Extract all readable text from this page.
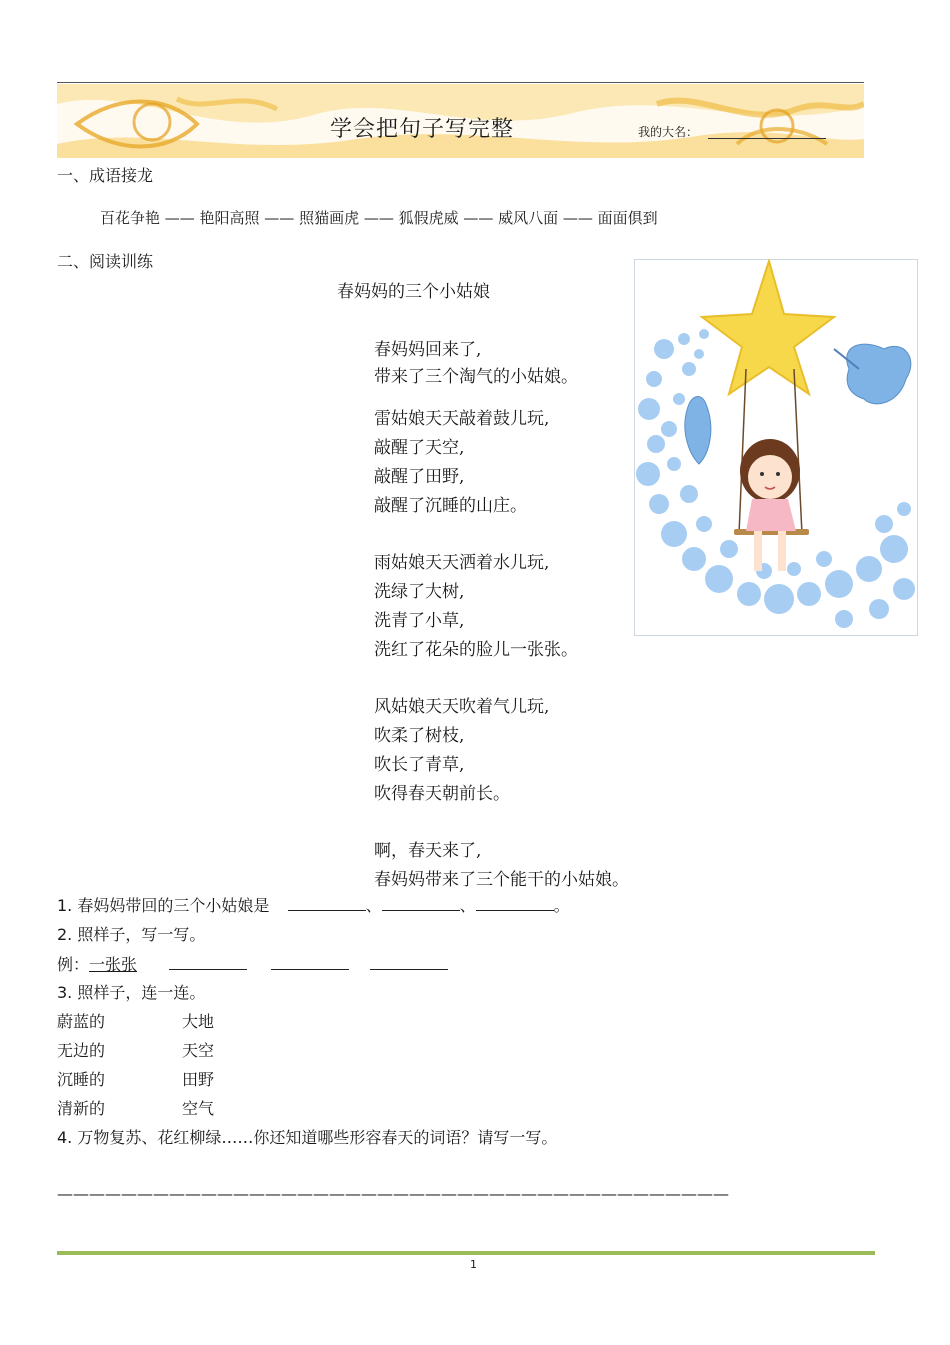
学会把句子写完整	我的大名：
一、成语接龙
百花争艳 —— 艳阳高照 —— 照猫画虎 —— 狐假虎威 —— 威风八面 —— 面面俱到
二、阅读训练
春妈妈的三个小姑娘
春妈妈回来了,
带来了三个淘气的小姑娘。
雷姑娘天天敲着鼓儿玩,
敲醒了天空,
敲醒了田野,
敲醒了沉睡的山庄。
雨姑娘天天洒着水儿玩,
洗绿了大树,
洗青了小草,
洗红了花朵的脸儿一张张。
风姑娘天天吹着气儿玩,
吹柔了树枝,
吹长了青草,
吹得春天朝前长。
啊，春天来了,
春妈妈带来了三个能干的小姑娘。
1. 春妈妈带回的三个小姑娘是	、	、	。
2. 照样子，写一写。
例：一张张
3. 照样子，连一连。
蔚蓝的	大地
无边的	天空
沉睡的	田野
清新的	空气
4. 万物复苏、花红柳绿……你还知道哪些形容春天的词语？请写一写。
——————————————————————————————————————————
1
